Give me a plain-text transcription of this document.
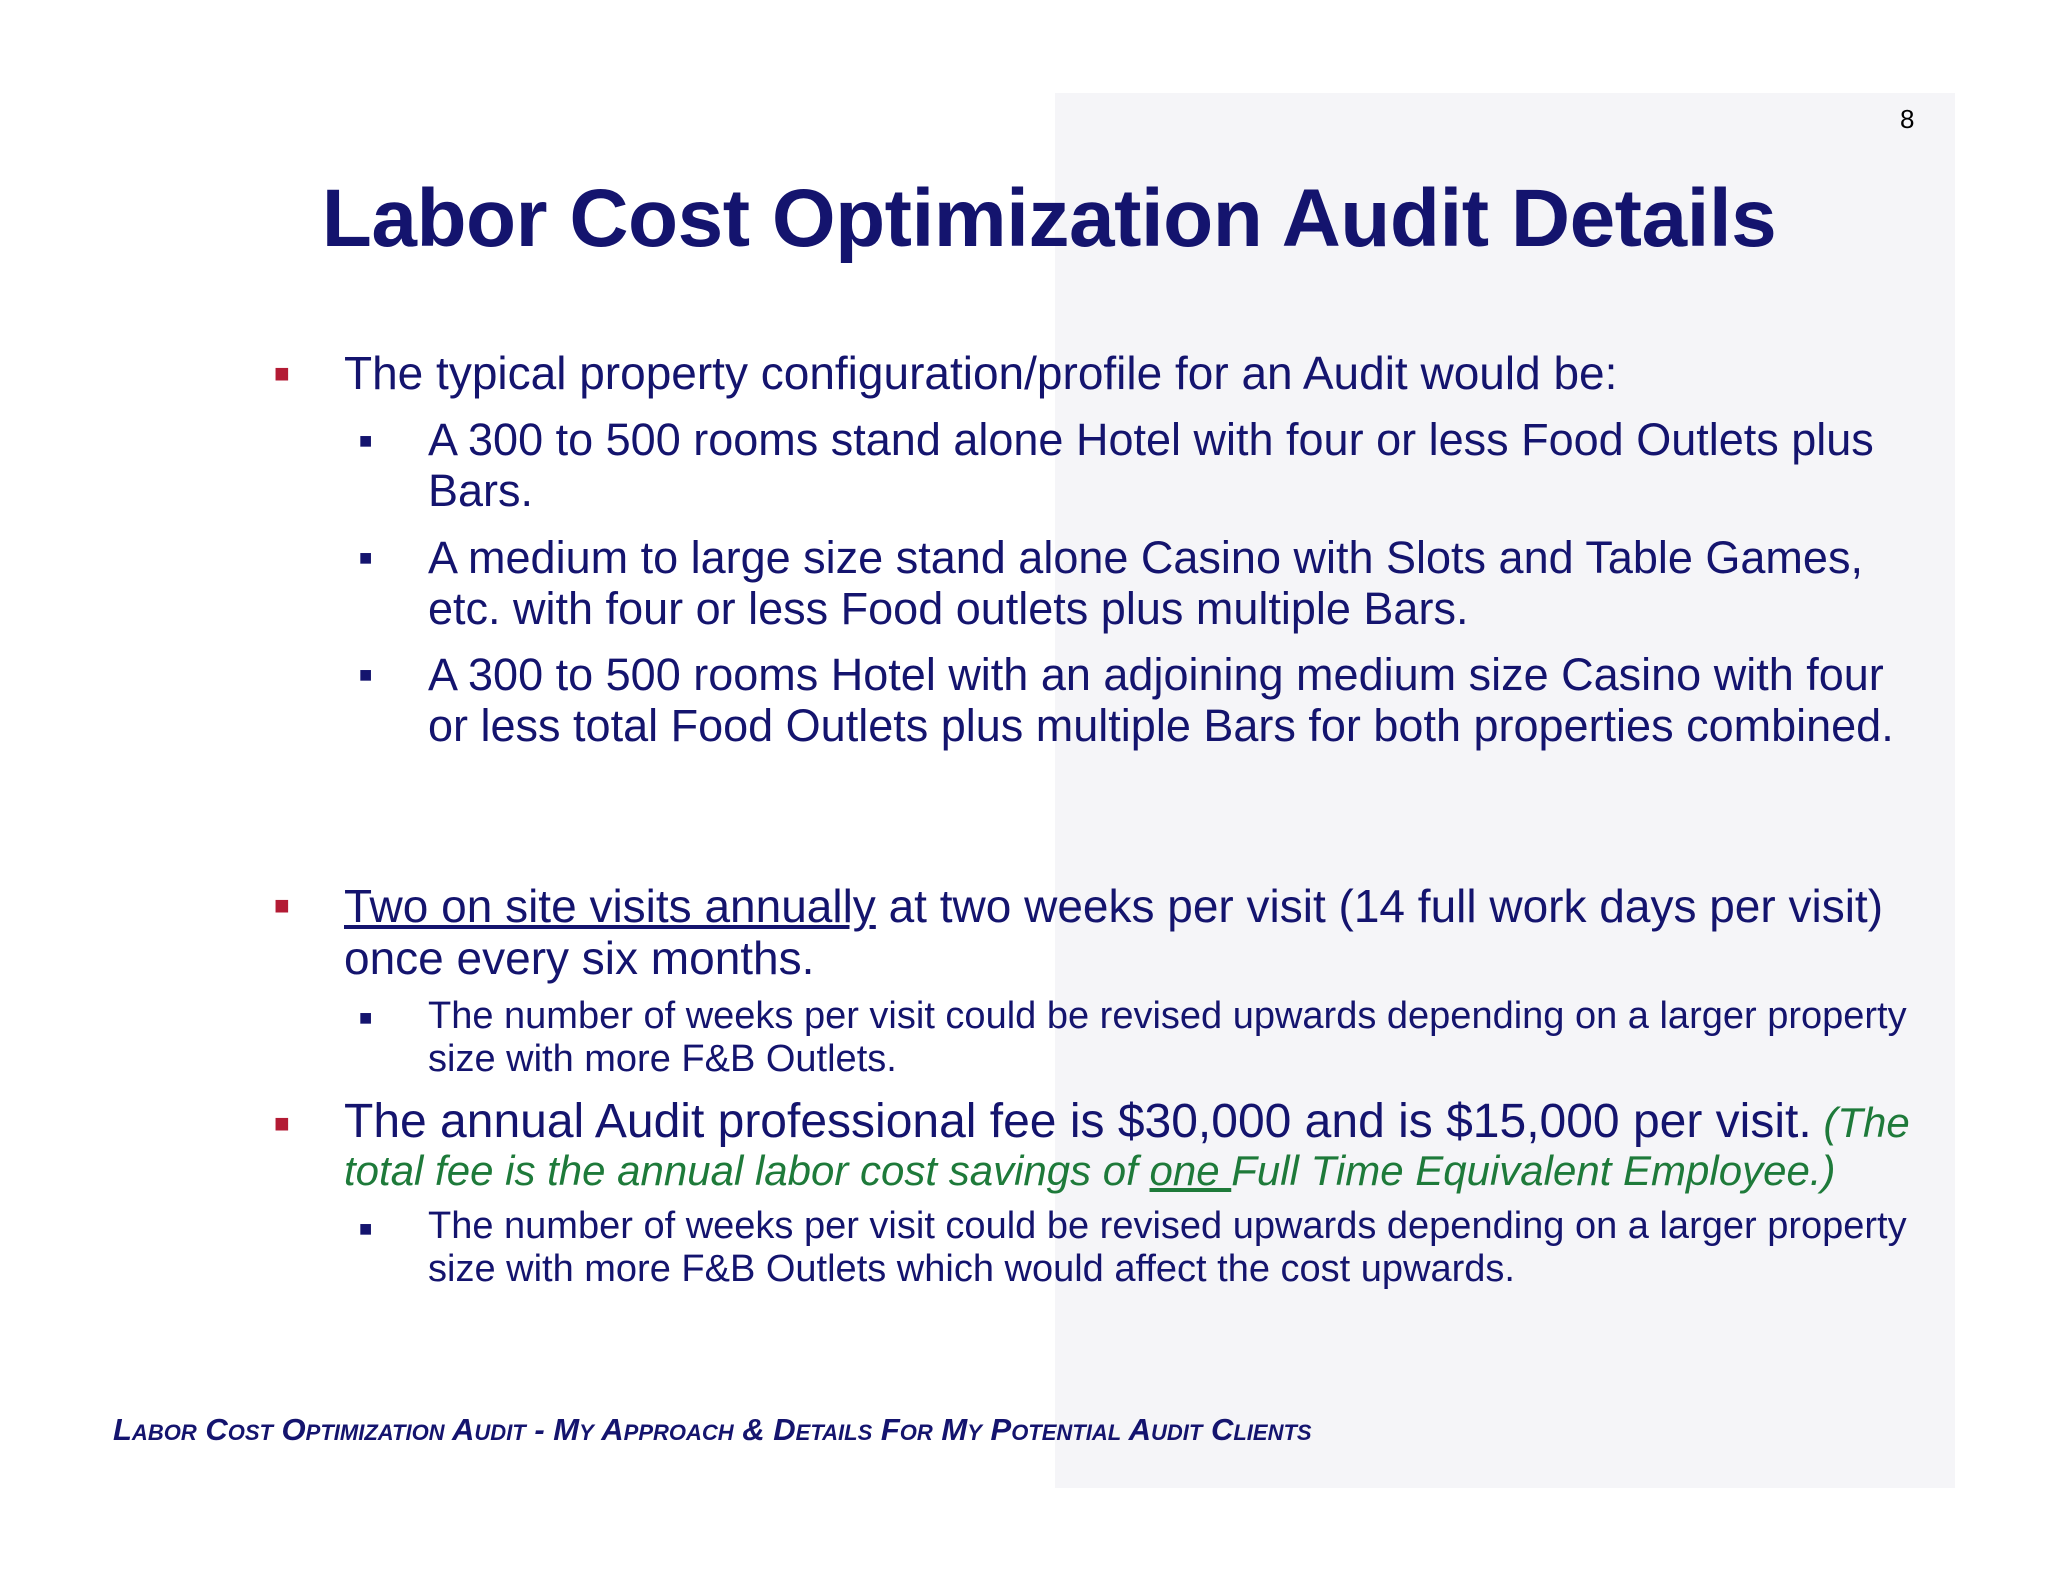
8
Labor Cost Optimization Audit Details
■ The typical property configuration/profile for an Audit would be:
■ A 300 to 500 rooms stand alone Hotel with four or less Food Outlets plus Bars.
■ A medium to large size stand alone Casino with Slots and Table Games, etc. with four or less Food outlets plus multiple Bars.
■ A 300 to 500 rooms Hotel with an adjoining medium size Casino with four or less total Food Outlets plus multiple Bars for both properties combined.
■ Two on site visits annually at two weeks per visit (14 full work days per visit) once every six months.
■ The number of weeks per visit could be revised upwards depending on a larger property size with more F&B Outlets.
■ The annual Audit professional fee is $30,000 and is $15,000 per visit. (The total fee is the annual labor cost savings of one Full Time Equivalent Employee.)
■ The number of weeks per visit could be revised upwards depending on a larger property size with more F&B Outlets which would affect the cost upwards.
Labor Cost Optimization Audit - My Approach & Details For My Potential Audit Clients
